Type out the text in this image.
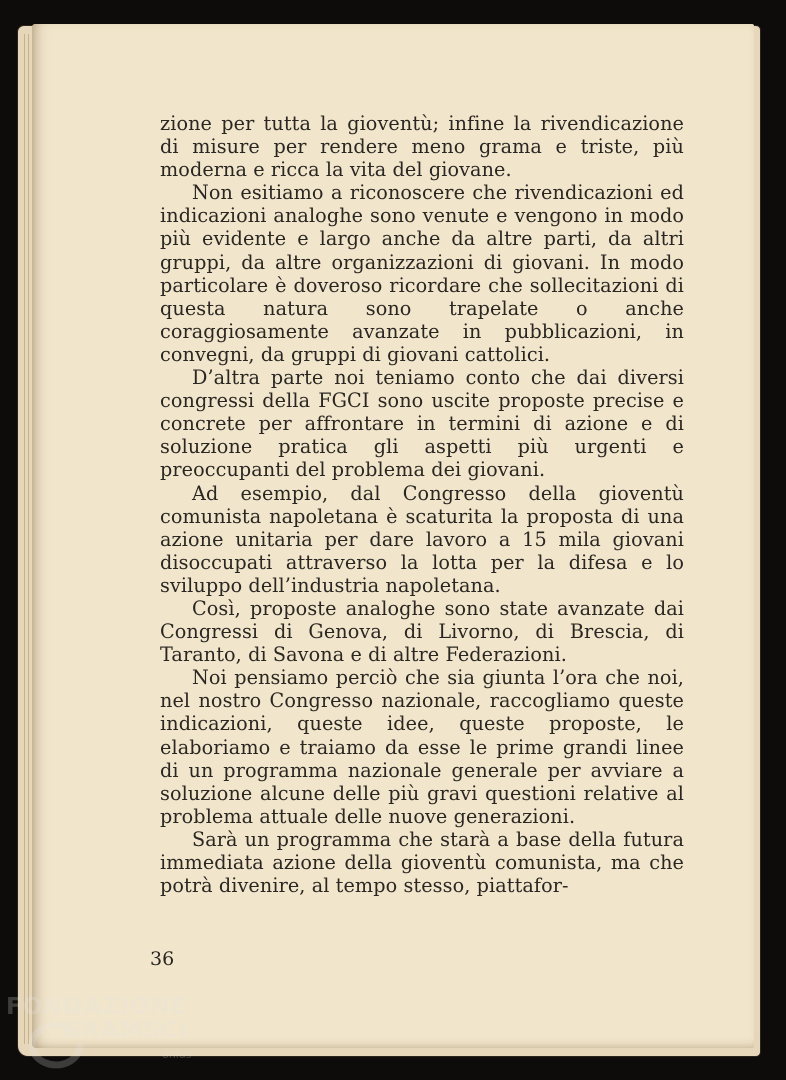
zione per tutta la gioventù; infine la rivendicazione di misure per rendere meno grama e triste, più moderna e ricca la vita del giovane.

Non esitiamo a riconoscere che rivendicazioni ed indicazioni analoghe sono venute e vengono in modo più evidente e largo anche da altre parti, da altri gruppi, da altre organizzazioni di giovani. In modo particolare è doveroso ricordare che sollecitazioni di questa natura sono trapelate o anche coraggiosamente avanzate in pubblicazioni, in convegni, da gruppi di giovani cattolici.

D’altra parte noi teniamo conto che dai diversi congressi della FGCI sono uscite proposte precise e concrete per affrontare in termini di azione e di soluzione pratica gli aspetti più urgenti e preoccupanti del problema dei giovani.

Ad esempio, dal Congresso della gioventù comunista napoletana è scaturita la proposta di una azione unitaria per dare lavoro a 15 mila giovani disoccupati attraverso la lotta per la difesa e lo sviluppo dell’industria napoletana.

Così, proposte analoghe sono state avanzate dai Congressi di Genova, di Livorno, di Brescia, di Taranto, di Savona e di altre Federazioni.

Noi pensiamo perciò che sia giunta l’ora che noi, nel nostro Congresso nazionale, raccogliamo queste indicazioni, queste idee, queste proposte, le elaboriamo e traiamo da esse le prime grandi linee di un programma nazionale generale per avviare a soluzione alcune delle più gravi questioni relative al problema attuale delle nuove generazioni.

Sarà un programma che starà a base della futura immediata azione della gioventù comunista, ma che potrà divenire, al tempo stesso, piattafor-

36
FONDAZIONE
GRAMSCI
onlus
